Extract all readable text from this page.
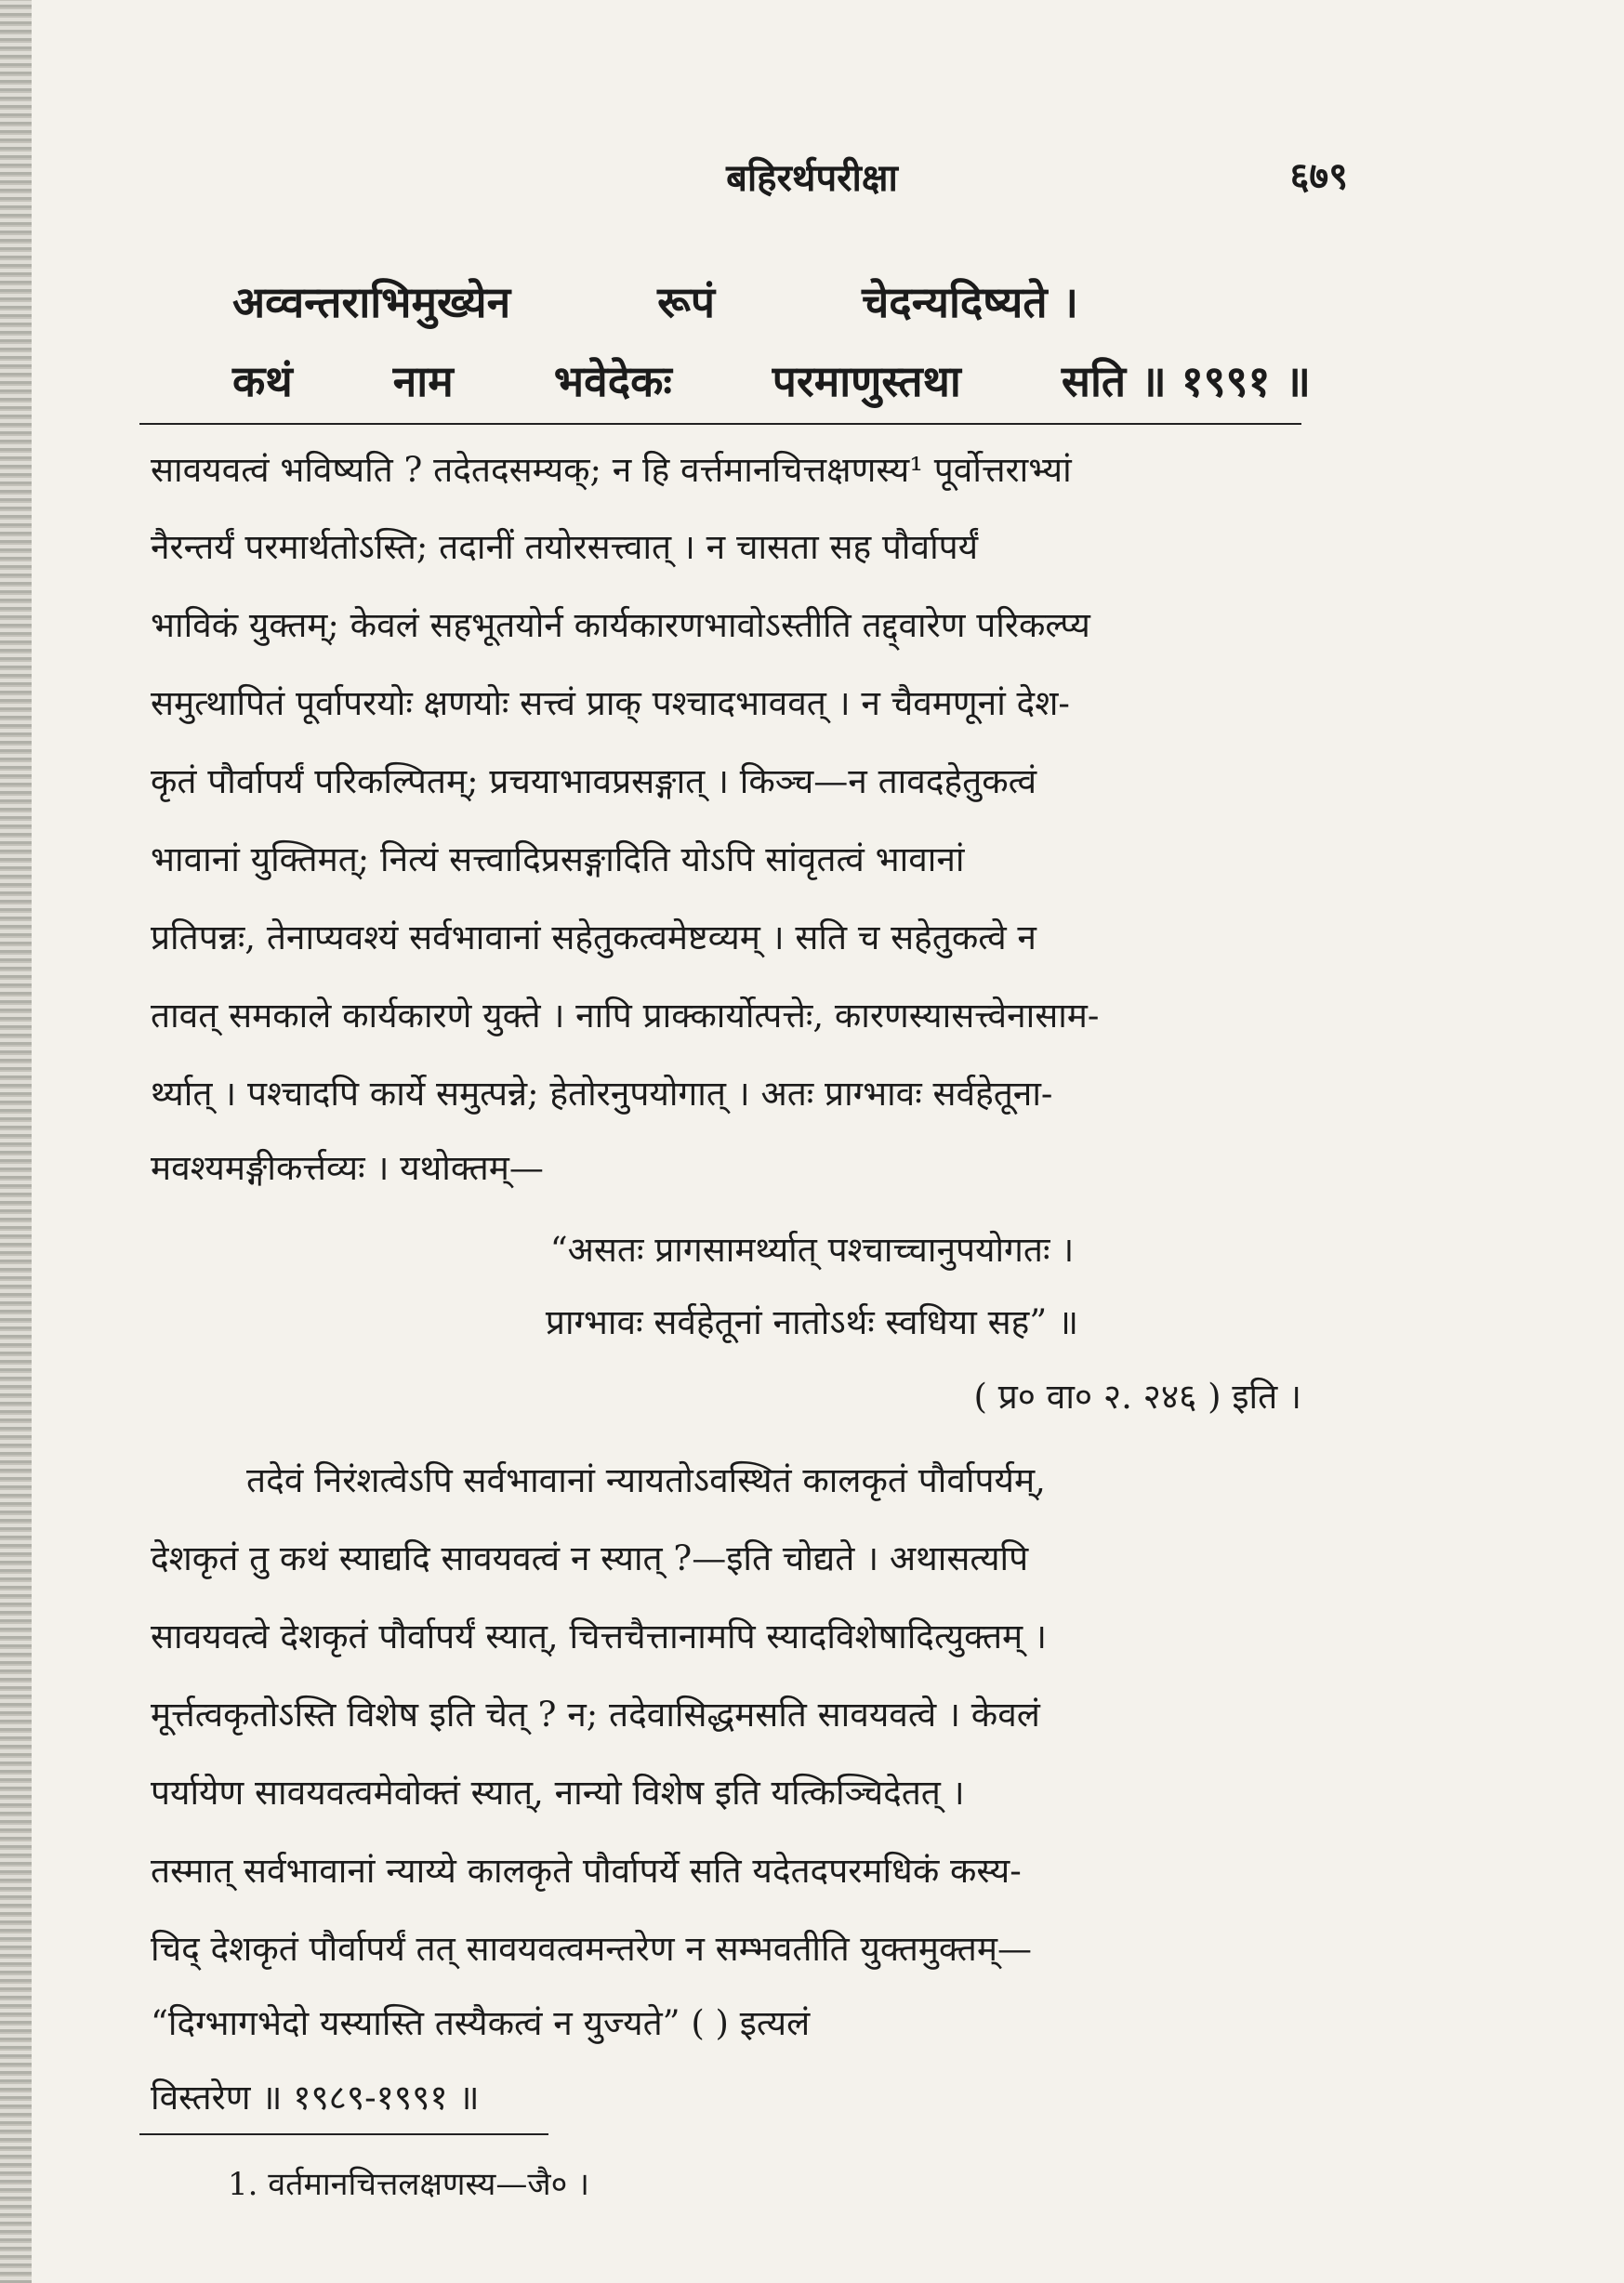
बहिरर्थपरीक्षा	६७९
अव्वन्तराभिमुख्येन	रूपं	चेदन्यदिष्यते ।
कथं नाम भवेदेकः परमाणुस्तथा सति ॥ १९९१ ॥
सावयवत्वं भविष्यति ? तदेतदसम्यक्; न हि वर्त्तमानचित्तक्षणस्य¹ पूर्वोत्तराभ्यां
नैरन्तर्यं परमार्थतोऽस्ति; तदानीं तयोरसत्त्वात् । न चासता सह पौर्वापर्यं
भाविकं युक्तम्; केवलं सहभूतयोर्न कार्यकारणभावोऽस्तीति तद्द्वारेण परिकल्प्य
समुत्थापितं पूर्वापरयोः क्षणयोः सत्त्वं प्राक् पश्चादभाववत् । न चैवमणूनां देश-
कृतं पौर्वापर्यं परिकल्पितम्; प्रचयाभावप्रसङ्गात् । किञ्च—न तावदहेतुकत्वं
भावानां युक्तिमत्; नित्यं सत्त्वादिप्रसङ्गादिति योऽपि सांवृतत्वं भावानां
प्रतिपन्नः, तेनाप्यवश्यं सर्वभावानां सहेतुकत्वमेष्टव्यम् । सति च सहेतुकत्वे न
तावत् समकाले कार्यकारणे युक्ते । नापि प्राक्कार्योत्पत्तेः, कारणस्यासत्त्वेनासाम-
र्थ्यात् । पश्चादपि कार्ये समुत्पन्ने; हेतोरनुपयोगात् । अतः प्राग्भावः सर्वहेतूना-
मवश्यमङ्गीकर्त्तव्यः । यथोक्तम्—
“असतः प्रागसामर्थ्यात् पश्चाच्चानुपयोगतः ।
प्राग्भावः सर्वहेतूनां नातोऽर्थः स्वधिया सह” ॥
( प्र० वा० २. २४६ ) इति ।
तदेवं निरंशत्वेऽपि सर्वभावानां न्यायतोऽवस्थितं कालकृतं पौर्वापर्यम्,
देशकृतं तु कथं स्याद्यदि सावयवत्वं न स्यात् ?—इति चोद्यते । अथासत्यपि
सावयवत्वे देशकृतं पौर्वापर्यं स्यात्, चित्तचैत्तानामपि स्यादविशेषादित्युक्तम् ।
मूर्त्तत्वकृतोऽस्ति विशेष इति चेत् ? न; तदेवासिद्धमसति सावयवत्वे । केवलं
पर्यायेण सावयवत्वमेवोक्तं स्यात्, नान्यो विशेष इति यत्किञ्चिदेतत् ।
तस्मात् सर्वभावानां न्याय्ये कालकृते पौर्वापर्ये सति यदेतदपरमधिकं कस्य-
चिद् देशकृतं पौर्वापर्यं तत् सावयवत्वमन्तरेण न सम्भवतीति युक्तमुक्तम्—
“दिग्भागभेदो यस्यास्ति तस्यैकत्वं न युज्यते” ( ) इत्यलं
विस्तरेण ॥ १९८९-१९९१ ॥
1. वर्तमानचित्तलक्षणस्य—जै० ।
